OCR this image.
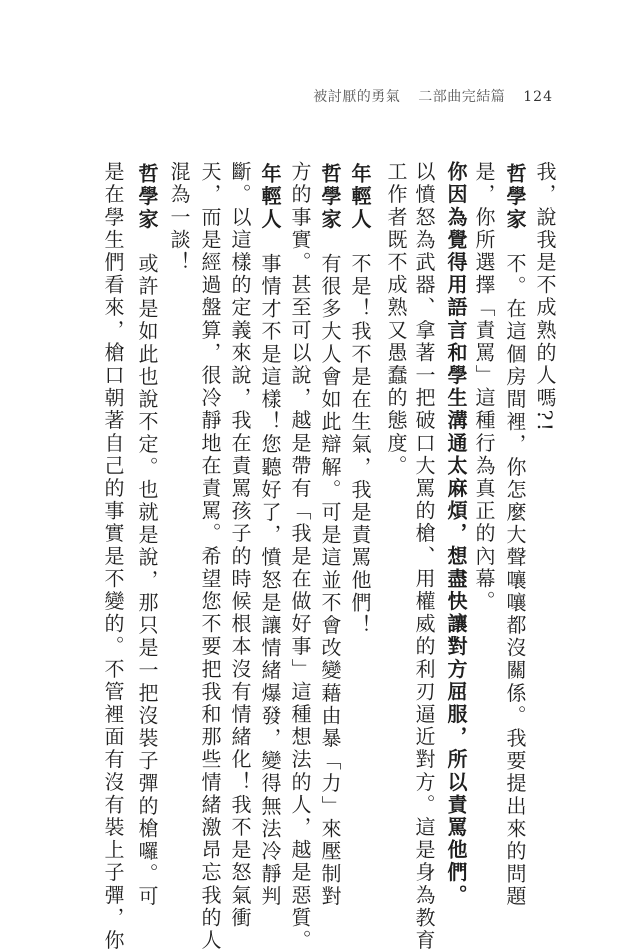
被討厭的勇氣 二部曲完結篇 124
我，說我是不成熟的人嗎?!
哲學家不。在這個房間裡，你怎麼大聲嚷嚷都沒關係。我要提出來的問題
是，你所選擇「責罵」這種行為真正的內幕。
你因為覺得用語言和學生溝通太麻煩，想盡快讓對方屈服，所以責罵他們。
以憤怒為武器、拿著一把破口大罵的槍、用權威的利刃逼近對方。這是身為教育
工作者既不成熟又愚蠢的態度。
年輕人不是！我不是在生氣，我是責罵他們！
哲學家有很多大人會如此辯解。可是這並不會改變藉由暴「力」來壓制對
方的事實。甚至可以說，越是帶有「我是在做好事」這種想法的人，越是惡質。
年輕人事情才不是這樣！您聽好了，憤怒是讓情緒爆發，變得無法冷靜判
斷。以這樣的定義來說，我在責罵孩子的時候根本沒有情緒化！我不是怒氣衝
天，而是經過盤算，很冷靜地在責罵。希望您不要把我和那些情緒激昂忘我的人
混為一談！
哲學家或許是如此也說不定。也就是說，那只是一把沒裝子彈的槍囉。可
是在學生們看來，槍口朝著自己的事實是不變的。不管裡面有沒有裝上子彈，你
